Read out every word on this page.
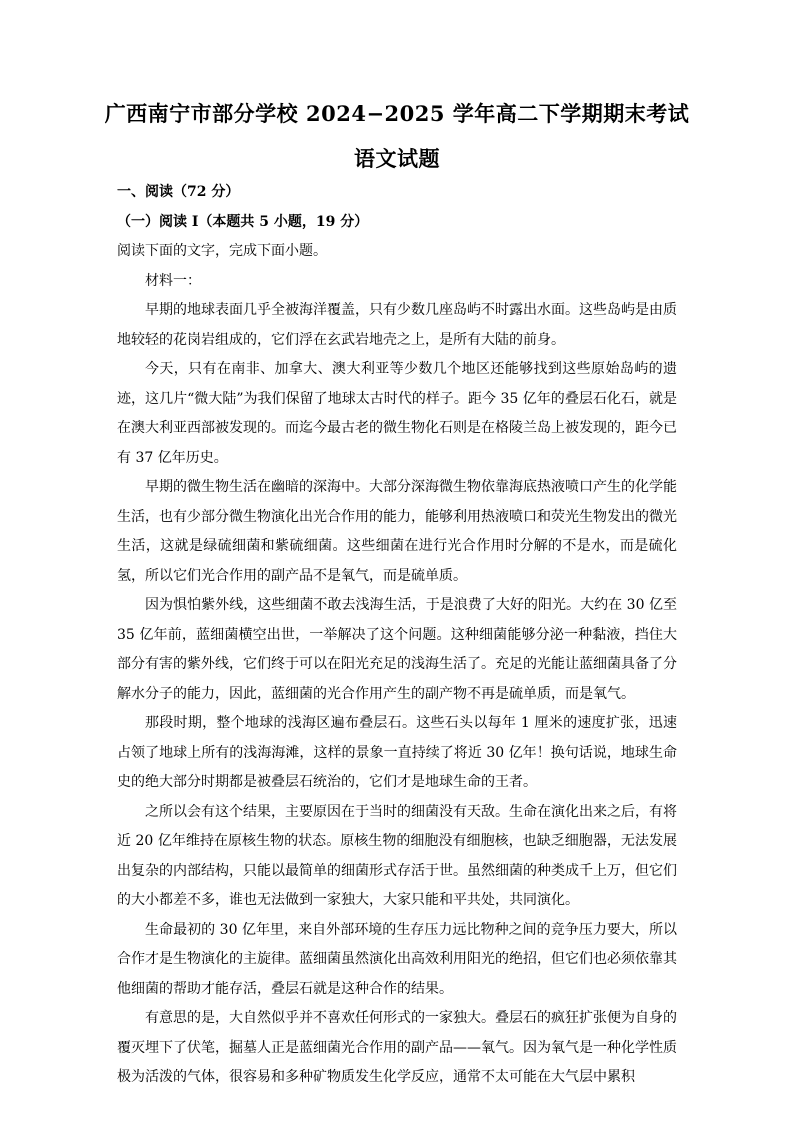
广西南宁市部分学校 2024−2025 学年高二下学期期末考试
语文试题

一、阅读（72 分）

（一）阅读 I（本题共 5 小题，19 分）

阅读下面的文字，完成下面小题。

材料一：

早期的地球表面几乎全被海洋覆盖，只有少数几座岛屿不时露出水面。这些岛屿是由质地较轻的花岗岩组成的，它们浮在玄武岩地壳之上，是所有大陆的前身。

今天，只有在南非、加拿大、澳大利亚等少数几个地区还能够找到这些原始岛屿的遗迹，这几片“微大陆”为我们保留了地球太古时代的样子。距今 35 亿年的叠层石化石，就是在澳大利亚西部被发现的。而迄今最古老的微生物化石则是在格陵兰岛上被发现的，距今已有 37 亿年历史。

早期的微生物生活在幽暗的深海中。大部分深海微生物依靠海底热液喷口产生的化学能生活，也有少部分微生物演化出光合作用的能力，能够利用热液喷口和荧光生物发出的微光生活，这就是绿硫细菌和紫硫细菌。这些细菌在进行光合作用时分解的不是水，而是硫化氢，所以它们光合作用的副产品不是氧气，而是硫单质。

因为惧怕紫外线，这些细菌不敢去浅海生活，于是浪费了大好的阳光。大约在 30 亿至 35 亿年前，蓝细菌横空出世，一举解决了这个问题。这种细菌能够分泌一种黏液，挡住大部分有害的紫外线，它们终于可以在阳光充足的浅海生活了。充足的光能让蓝细菌具备了分解水分子的能力，因此，蓝细菌的光合作用产生的副产物不再是硫单质，而是氧气。

那段时期，整个地球的浅海区遍布叠层石。这些石头以每年 1 厘米的速度扩张，迅速占领了地球上所有的浅海海滩，这样的景象一直持续了将近 30 亿年！换句话说，地球生命史的绝大部分时期都是被叠层石统治的，它们才是地球生命的王者。

之所以会有这个结果，主要原因在于当时的细菌没有天敌。生命在演化出来之后，有将近 20 亿年维持在原核生物的状态。原核生物的细胞没有细胞核，也缺乏细胞器，无法发展出复杂的内部结构，只能以最简单的细菌形式存活于世。虽然细菌的种类成千上万，但它们的大小都差不多，谁也无法做到一家独大，大家只能和平共处，共同演化。

生命最初的 30 亿年里，来自外部环境的生存压力远比物种之间的竞争压力要大，所以合作才是生物演化的主旋律。蓝细菌虽然演化出高效利用阳光的绝招，但它们也必须依靠其他细菌的帮助才能存活，叠层石就是这种合作的结果。

有意思的是，大自然似乎并不喜欢任何形式的一家独大。叠层石的疯狂扩张便为自身的覆灭埋下了伏笔，掘墓人正是蓝细菌光合作用的副产品——氧气。因为氧气是一种化学性质极为活泼的气体，很容易和多种矿物质发生化学反应，通常不太可能在大气层中累积
